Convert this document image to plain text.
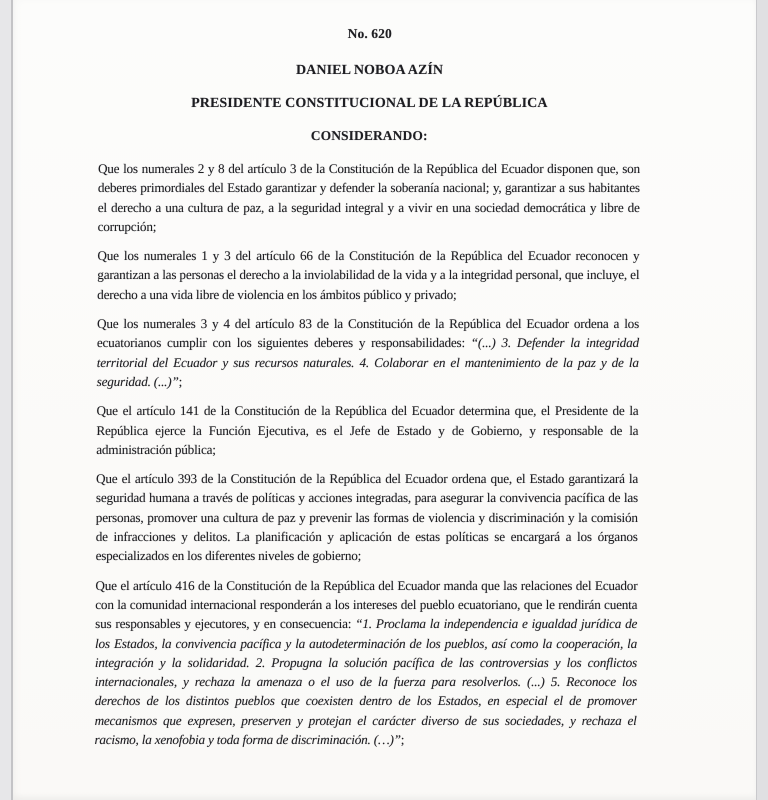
No. 620
DANIEL NOBOA AZÍN
PRESIDENTE CONSTITUCIONAL DE LA REPÚBLICA
CONSIDERANDO:

Que los numerales 2 y 8 del artículo 3 de la Constitución de la República del Ecuador disponen que, son deberes primordiales del Estado garantizar y defender la soberanía nacional; y, garantizar a sus habitantes el derecho a una cultura de paz, a la seguridad integral y a vivir en una sociedad democrática y libre de corrupción;

Que los numerales 1 y 3 del artículo 66 de la Constitución de la República del Ecuador reconocen y garantizan a las personas el derecho a la inviolabilidad de la vida y a la integridad personal, que incluye, el derecho a una vida libre de violencia en los ámbitos público y privado;

Que los numerales 3 y 4 del artículo 83 de la Constitución de la República del Ecuador ordena a los ecuatorianos cumplir con los siguientes deberes y responsabilidades: “(...) 3. Defender la integridad territorial del Ecuador y sus recursos naturales. 4. Colaborar en el mantenimiento de la paz y de la seguridad. (...)”;

Que el artículo 141 de la Constitución de la República del Ecuador determina que, el Presidente de la República ejerce la Función Ejecutiva, es el Jefe de Estado y de Gobierno, y responsable de la administración pública;

Que el artículo 393 de la Constitución de la República del Ecuador ordena que, el Estado garantizará la seguridad humana a través de políticas y acciones integradas, para asegurar la convivencia pacífica de las personas, promover una cultura de paz y prevenir las formas de violencia y discriminación y la comisión de infracciones y delitos. La planificación y aplicación de estas políticas se encargará a los órganos especializados en los diferentes niveles de gobierno;

Que el artículo 416 de la Constitución de la República del Ecuador manda que las relaciones del Ecuador con la comunidad internacional responderán a los intereses del pueblo ecuatoriano, que le rendirán cuenta sus responsables y ejecutores, y en consecuencia: “1. Proclama la independencia e igualdad jurídica de los Estados, la convivencia pacífica y la autodeterminación de los pueblos, así como la cooperación, la integración y la solidaridad. 2. Propugna la solución pacífica de las controversias y los conflictos internacionales, y rechaza la amenaza o el uso de la fuerza para resolverlos. (...) 5. Reconoce los derechos de los distintos pueblos que coexisten dentro de los Estados, en especial el de promover mecanismos que expresen, preserven y protejan el carácter diverso de sus sociedades, y rechaza el racismo, la xenofobia y toda forma de discriminación. (…)”;
